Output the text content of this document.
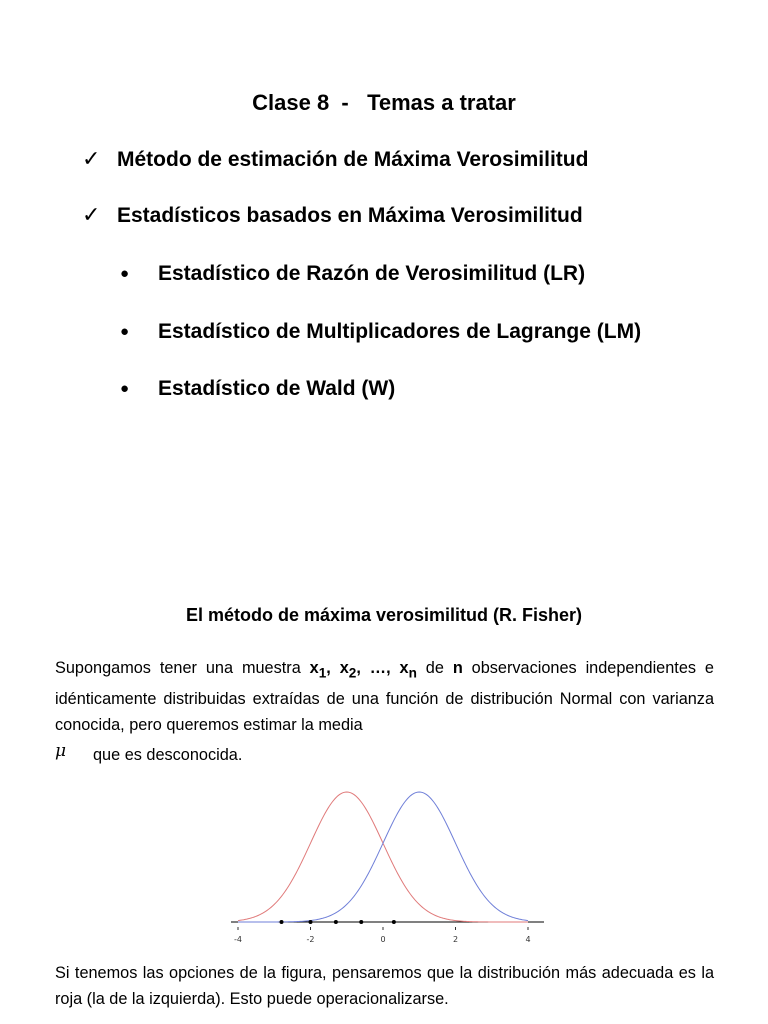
Clase 8  -   Temas a tratar
✓ Método de estimación de Máxima Verosimilitud
✓ Estadísticos basados en Máxima Verosimilitud
● Estadístico de Razón de Verosimilitud (LR)
● Estadístico de Multiplicadores de Lagrange (LM)
● Estadístico de Wald (W)
El método de máxima verosimilitud (R. Fisher)
Supongamos tener una muestra $x_1$, $x_2$, …, $x_n$ de n observaciones independientes e idénticamente distribuidas extraídas de una función de distribución Normal con varianza conocida, pero queremos estimar la media
μ que es desconocida.
-4	-2	0	2	4
Si tenemos las opciones de la figura, pensaremos que la distribución más adecuada es la roja (la de la izquierda). Esto puede operacionalizarse.
